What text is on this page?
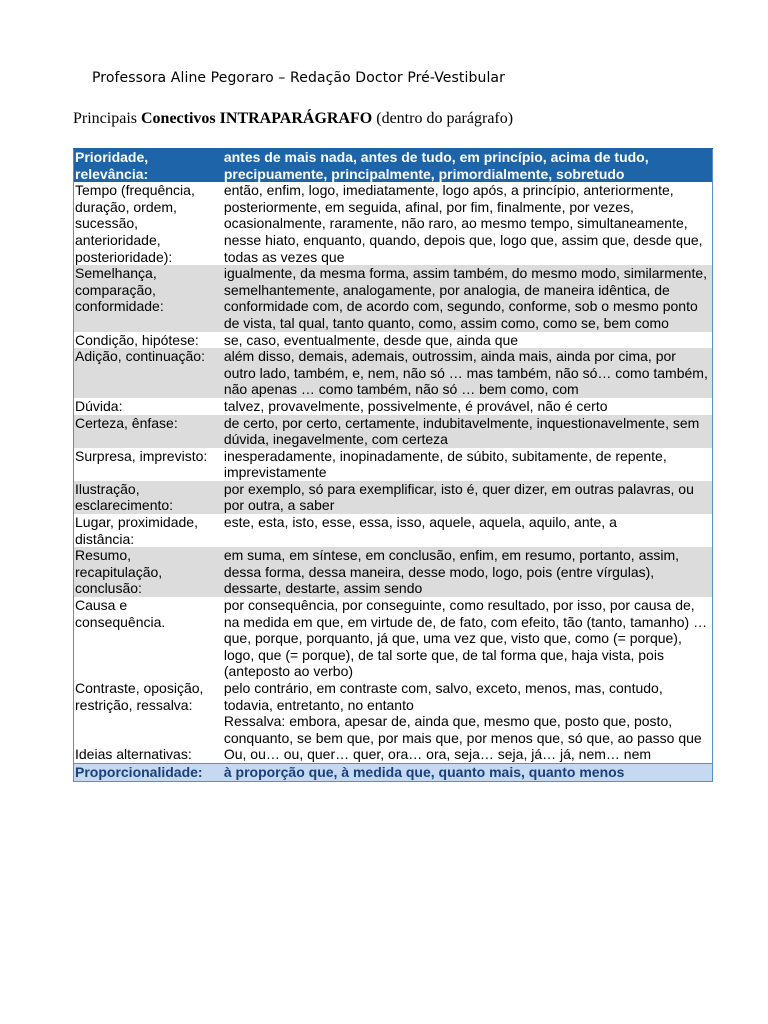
Professora Aline Pegoraro – Redação Doctor Pré-Vestibular
Principais Conectivos INTRAPARÁGRAFO (dentro do parágrafo)
Prioridade, relevância:	antes de mais nada, antes de tudo, em princípio, acima de tudo, precipuamente, principalmente, primordialmente, sobretudo

Tempo (frequência, duração, ordem, sucessão, anterioridade, posterioridade):	então, enfim, logo, imediatamente, logo após, a princípio, anteriormente, posteriormente, em seguida, afinal, por fim, finalmente, por vezes, ocasionalmente, raramente, não raro, ao mesmo tempo, simultaneamente, nesse hiato, enquanto, quando, depois que, logo que, assim que, desde que, todas as vezes que

Semelhança, comparação, conformidade:	igualmente, da mesma forma, assim também, do mesmo modo, similarmente, semelhantemente, analogamente, por analogia, de maneira idêntica, de conformidade com, de acordo com, segundo, conforme, sob o mesmo ponto de vista, tal qual, tanto quanto, como, assim como, como se, bem como

Condição, hipótese:	se, caso, eventualmente, desde que, ainda que

Adição, continuação:	além disso, demais, ademais, outrossim, ainda mais, ainda por cima, por outro lado, também, e, nem, não só … mas também, não só… como também, não apenas … como também, não só … bem como, com

Dúvida:	talvez, provavelmente, possivelmente, é provável, não é certo

Certeza, ênfase:	de certo, por certo, certamente, indubitavelmente, inquestionavelmente, sem dúvida, inegavelmente, com certeza

Surpresa, imprevisto:	inesperadamente, inopinadamente, de súbito, subitamente, de repente, imprevistamente

Ilustração, esclarecimento:	por exemplo, só para exemplificar, isto é, quer dizer, em outras palavras, ou por outra, a saber

Lugar, proximidade, distância:	este, esta, isto, esse, essa, isso, aquele, aquela, aquilo, ante, a

Resumo, recapitulação, conclusão:	em suma, em síntese, em conclusão, enfim, em resumo, portanto, assim, dessa forma, dessa maneira, desse modo, logo, pois (entre vírgulas), dessarte, destarte, assim sendo

Causa e consequência.	por consequência, por conseguinte, como resultado, por isso, por causa de, na medida em que, em virtude de, de fato, com efeito, tão (tanto, tamanho) … que, porque, porquanto, já que, uma vez que, visto que, como (= porque), logo, que (= porque), de tal sorte que, de tal forma que, haja vista, pois (anteposto ao verbo)

Contraste, oposição, restrição, ressalva:	pelo contrário, em contraste com, salvo, exceto, menos, mas, contudo, todavia, entretanto, no entanto
Ressalva: embora, apesar de, ainda que, mesmo que, posto que, posto, conquanto, se bem que, por mais que, por menos que, só que, ao passo que

Ideias alternativas:	Ou, ou… ou, quer… quer, ora… ora, seja… seja, já… já, nem… nem

Proporcionalidade:	à proporção que, à medida que, quanto mais, quanto menos
